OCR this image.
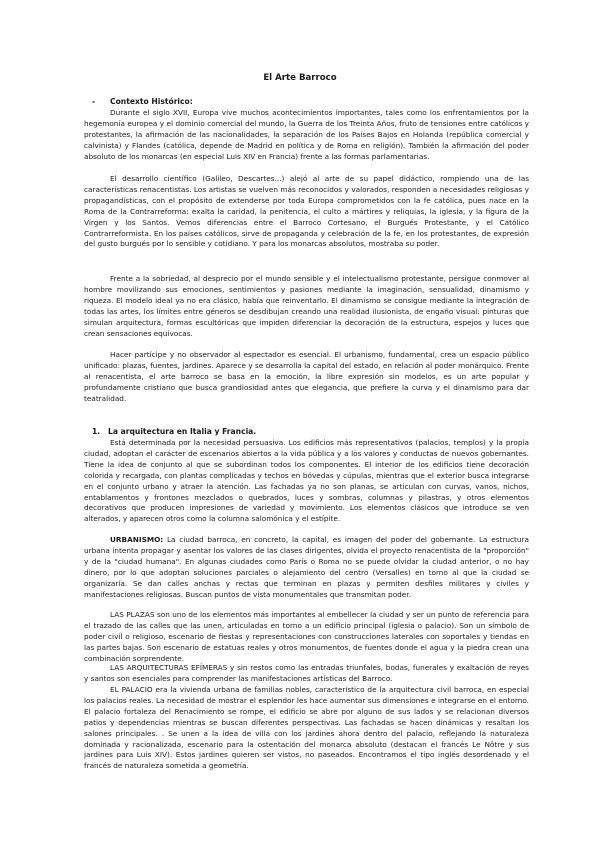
El Arte Barroco
- Contexto Histórico:

Durante el siglo XVII, Europa vive muchos acontecimientos importantes, tales como los enfrentamientos por la hegemonía europea y el dominio comercial del mundo, la Guerra de los Treinta Años, fruto de tensiones entre católicos y protestantes, la afirmación de las nacionalidades, la separación de los Países Bajos en Holanda (república comercial y calvinista) y Flandes (católica, depende de Madrid en política y de Roma en religión). También la afirmación del poder absoluto de los monarcas (en especial Luis XIV en Francia) frente a las formas parlamentarias.

El desarrollo científico (Galileo, Descartes...) alejó al arte de su papel didáctico, rompiendo una de las características renacentistas. Los artistas se vuelven más reconocidos y valorados, responden a necesidades religiosas y propagandísticas, con el propósito de extenderse por toda Europa comprometidos con la fe católica, pues nace en la Roma de la Contrarreforma: exalta la caridad, la penitencia, el culto a mártires y reliquias, la iglesia, y la figura de la Virgen y los Santos. Vemos diferencias entre el Barroco Cortesano, el Burgués Protestante, y el Católico Contrarreformista. En los países católicos, sirve de propaganda y celebración de la fe, en los protestantes, de expresión del gusto burgués por lo sensible y cotidiano. Y para los monarcas absolutos, mostraba su poder.

Frente a la sobriedad, al desprecio por el mundo sensible y el intelectualismo protestante, persigue conmover al hombre movilizando sus emociones, sentimientos y pasiones mediante la imaginación, sensualidad, dinamismo y riqueza. El modelo ideal ya no era clásico, había que reinventarlo. El dinamismo se consigue mediante la integración de todas las artes, los límites entre géneros se desdibujan creando una realidad ilusionista, de engaño visual: pinturas que simulan arquitectura, formas escultóricas que impiden diferenciar la decoración de la estructura, espejos y luces que crean sensaciones equívocas.

Hacer partícipe y no observador al espectador es esencial. El urbanismo, fundamental, crea un espacio público unificado: plazas, fuentes, jardines. Aparece y se desarrolla la capital del estado, en relación al poder monárquico. Frente al renacentista, el arte barroco se basa en la emoción, la libre expresión sin modelos, es un arte popular y profundamente cristiano que busca grandiosidad antes que elegancia, que prefiere la curva y el dinamismo para dar teatralidad.

1. La arquitectura en Italia y Francia.

Está determinada por la necesidad persuasiva. Los edificios más representativos (palacios, templos) y la propia ciudad, adoptan el carácter de escenarios abiertos a la vida pública y a los valores y conductas de nuevos gobernantes. Tiene la idea de conjunto al que se subordinan todos los componentes. El interior de los edificios tiene decoración colorida y recargada, con plantas complicadas y techos en bóvedas y cúpulas, mientras que el exterior busca integrarse en el conjunto urbano y atraer la atención. Las fachadas ya no son planas, se articulan con curvas, vanos, nichos, entablamentos y frontones mezclados o quebrados, luces y sombras, columnas y pilastras, y otros elementos decorativos que producen impresiones de variedad y movimiento. Los elementos clásicos que introduce se ven alterados, y aparecen otros como la columna salomónica y el estípite.

URBANISMO: La ciudad barroca, en concreto, la capital, es imagen del poder del gobernante. La estructura urbana intenta propagar y asentar los valores de las clases dirigentes, olvida el proyecto renacentista de la "proporción" y de la "ciudad humana". En algunas ciudades como París o Roma no se puede olvidar la ciudad anterior, o no hay dinero, por lo que adoptan soluciones parciales o alejamiento del centro (Versalles) en torno al que la ciudad se organizaría. Se dan calles anchas y rectas que terminan en plazas y permiten desfiles militares y civiles y manifestaciones religiosas. Buscan puntos de vista monumentales que transmitan poder.

LAS PLAZAS son uno de los elementos más importantes al embellecer la ciudad y ser un punto de referencia para el trazado de las calles que las unen, articuladas en torno a un edificio principal (iglesia o palacio). Son un símbolo de poder civil o religioso, escenario de fiestas y representaciones con construcciones laterales con soportales y tiendas en las partes bajas. Son escenario de estatuas reales y otros monumentos, de fuentes donde el agua y la piedra crean una combinación sorprendente.

LAS ARQUITECTURAS EFÍMERAS y sin restos como las entradas triunfales, bodas, funerales y exaltación de reyes y santos son esenciales para comprender las manifestaciones artísticas del Barroco.

EL PALACIO era la vivienda urbana de familias nobles, característico de la arquitectura civil barroca, en especial los palacios reales. La necesidad de mostrar el esplendor les hace aumentar sus dimensiones e integrarse en el entorno. El palacio fortaleza del Renacimiento se rompe, el edificio se abre por alguno de sus lados y se relacionan diversos patios y dependencias mientras se buscan diferentes perspectivas. Las fachadas se hacen dinámicas y resaltan los salones principales. . Se unen a la idea de villa con los jardines ahora dentro del palacio, reflejando la naturaleza dominada y racionalizada, escenario para la ostentación del monarca absoluto (destacan el francés Le Nôtre y sus jardines para Luis XIV). Estos jardines quieren ser vistos, no paseados. Encontramos el tipo inglés desordenado y el francés de naturaleza sometida a geometría.
